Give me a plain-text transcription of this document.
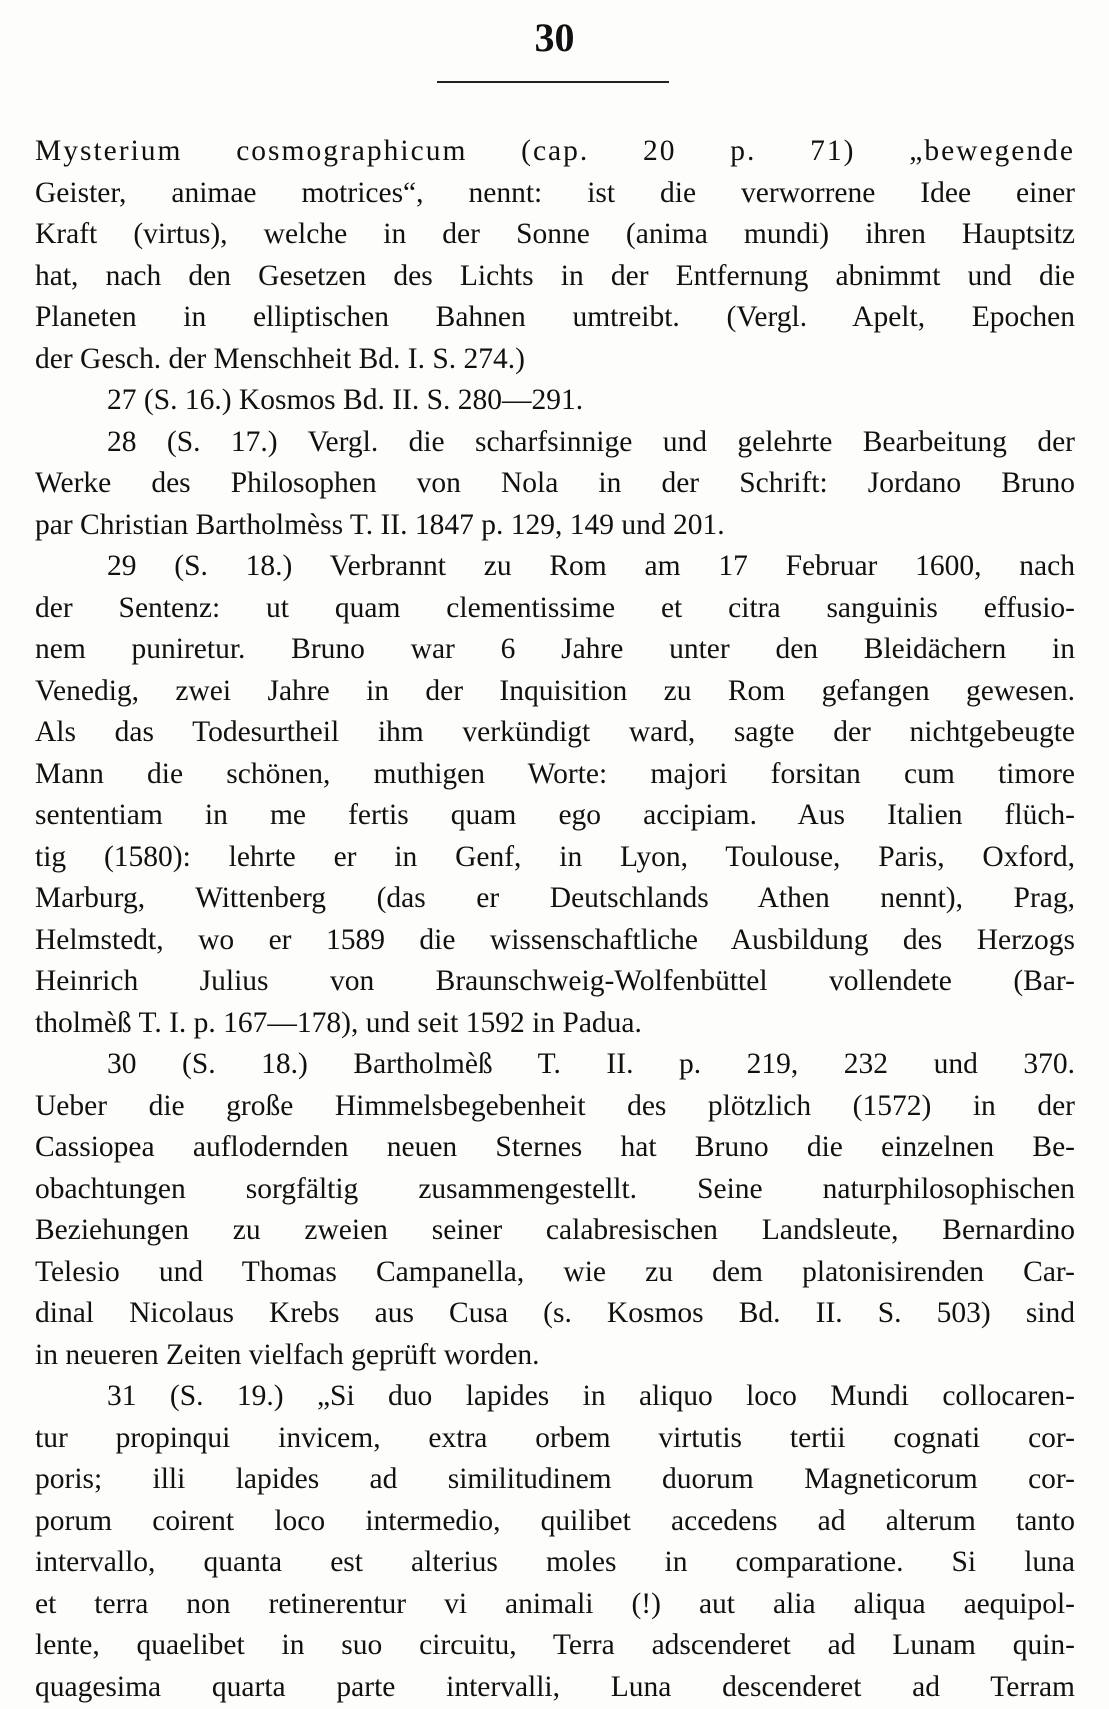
30
Mysterium cosmographicum (cap. 20 p. 71) „bewegende
Geister, animae motrices“, nennt: ist die verworrene Idee einer
Kraft (virtus), welche in der Sonne (anima mundi) ihren Hauptsitz
hat, nach den Gesetzen des Lichts in der Entfernung abnimmt und die
Planeten in elliptischen Bahnen umtreibt. (Vergl. Apelt, Epochen
der Gesch. der Menschheit Bd. I. S. 274.)
27 (S. 16.) Kosmos Bd. II. S. 280—291.
28 (S. 17.) Vergl. die scharfsinnige und gelehrte Bearbeitung der
Werke des Philosophen von Nola in der Schrift: Jordano Bruno
par Christian Bartholmèss T. II. 1847 p. 129, 149 und 201.
29 (S. 18.) Verbrannt zu Rom am 17 Februar 1600, nach
der Sentenz: ut quam clementissime et citra sanguinis effusio-
nem puniretur. Bruno war 6 Jahre unter den Bleidächern in
Venedig, zwei Jahre in der Inquisition zu Rom gefangen gewesen.
Als das Todesurtheil ihm verkündigt ward, sagte der nichtgebeugte
Mann die schönen, muthigen Worte: majori forsitan cum timore
sententiam in me fertis quam ego accipiam. Aus Italien flüch-
tig (1580): lehrte er in Genf, in Lyon, Toulouse, Paris, Oxford,
Marburg, Wittenberg (das er Deutschlands Athen nennt), Prag,
Helmstedt, wo er 1589 die wissenschaftliche Ausbildung des Herzogs
Heinrich Julius von Braunschweig-Wolfenbüttel vollendete (Bar-
tholmèß T. I. p. 167—178), und seit 1592 in Padua.
30 (S. 18.) Bartholmèß T. II. p. 219, 232 und 370.
Ueber die große Himmelsbegebenheit des plötzlich (1572) in der
Cassiopea auflodernden neuen Sternes hat Bruno die einzelnen Be-
obachtungen sorgfältig zusammengestellt. Seine naturphilosophischen
Beziehungen zu zweien seiner calabresischen Landsleute, Bernardino
Telesio und Thomas Campanella, wie zu dem platonisirenden Car-
dinal Nicolaus Krebs aus Cusa (s. Kosmos Bd. II. S. 503) sind
in neueren Zeiten vielfach geprüft worden.
31 (S. 19.) „Si duo lapides in aliquo loco Mundi collocaren-
tur propinqui invicem, extra orbem virtutis tertii cognati cor-
poris; illi lapides ad similitudinem duorum Magneticorum cor-
porum coirent loco intermedio, quilibet accedens ad alterum tanto
intervallo, quanta est alterius moles in comparatione. Si luna
et terra non retinerentur vi animali (!) aut alia aliqua aequipol-
lente, quaelibet in suo circuitu, Terra adscenderet ad Lunam quin-
quagesima quarta parte intervalli, Luna descenderet ad Terram
